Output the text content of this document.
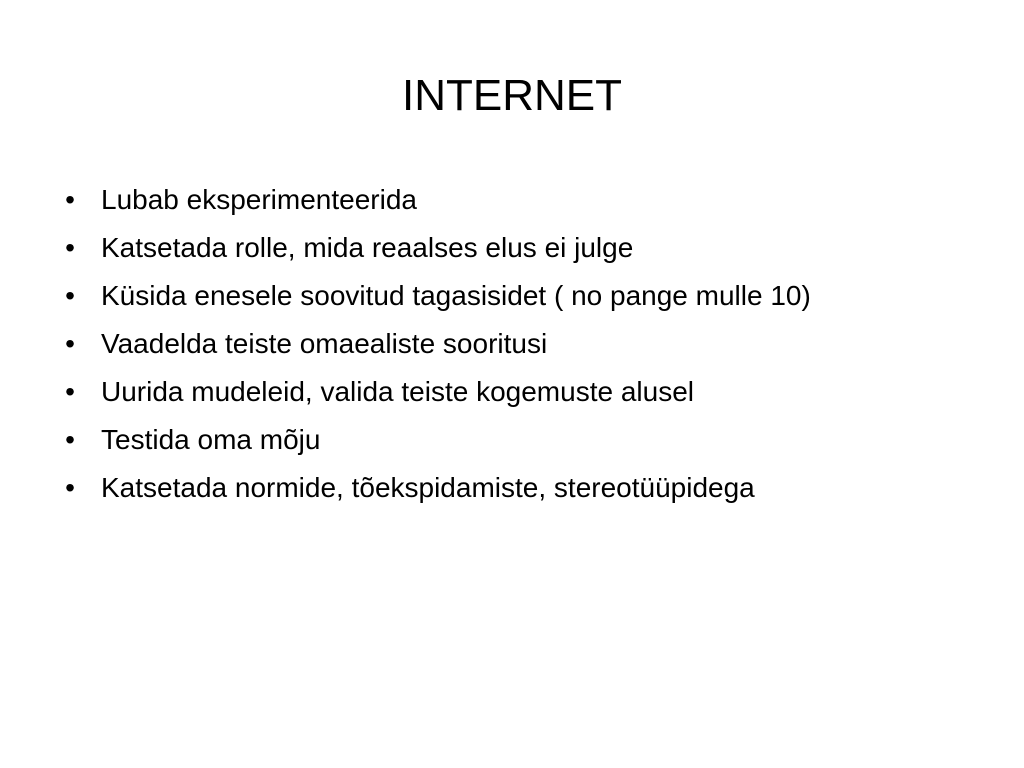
INTERNET
• Lubab eksperimenteerida
• Katsetada rolle, mida reaalses elus ei julge
• Küsida enesele soovitud tagasisidet ( no pange mulle 10)
• Vaadelda teiste omaealiste sooritusi
• Uurida mudeleid, valida teiste kogemuste alusel
• Testida oma mõju
• Katsetada normide, tõekspidamiste, stereotüüpidega
